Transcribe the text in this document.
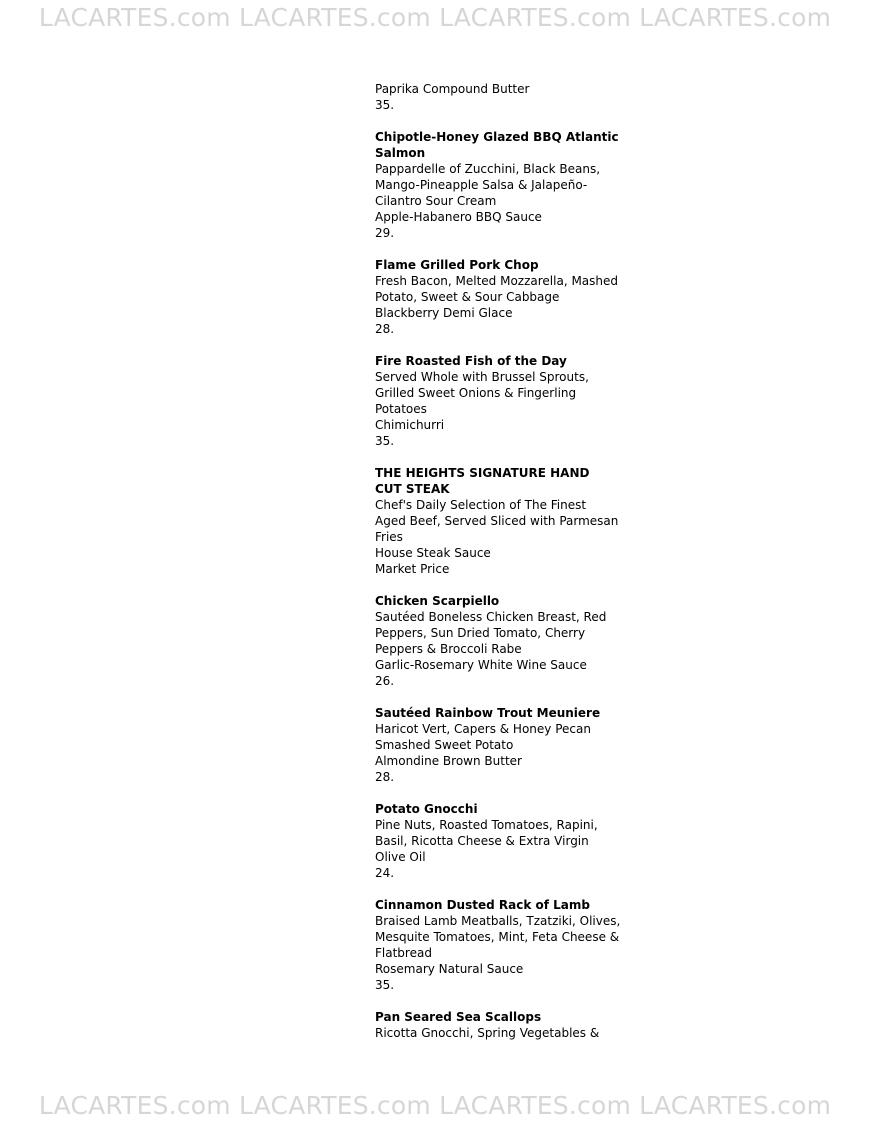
LACARTES.com LACARTES.com LACARTES.com LACARTES.com
Paprika Compound Butter
35.
Chipotle-Honey Glazed BBQ Atlantic
Salmon
Pappardelle of Zucchini, Black Beans,
Mango-Pineapple Salsa & Jalapeño-
Cilantro Sour Cream
Apple-Habanero BBQ Sauce
29.
Flame Grilled Pork Chop
Fresh Bacon, Melted Mozzarella, Mashed
Potato, Sweet & Sour Cabbage
Blackberry Demi Glace
28.
Fire Roasted Fish of the Day
Served Whole with Brussel Sprouts,
Grilled Sweet Onions & Fingerling
Potatoes
Chimichurri
35.
THE HEIGHTS SIGNATURE HAND
CUT STEAK
Chef's Daily Selection of The Finest
Aged Beef, Served Sliced with Parmesan
Fries
House Steak Sauce
Market Price
Chicken Scarpiello
Sautéed Boneless Chicken Breast, Red
Peppers, Sun Dried Tomato, Cherry
Peppers & Broccoli Rabe
Garlic-Rosemary White Wine Sauce
26.
Sautéed Rainbow Trout Meuniere
Haricot Vert, Capers & Honey Pecan
Smashed Sweet Potato
Almondine Brown Butter
28.
Potato Gnocchi
Pine Nuts, Roasted Tomatoes, Rapini,
Basil, Ricotta Cheese & Extra Virgin
Olive Oil
24.
Cinnamon Dusted Rack of Lamb
Braised Lamb Meatballs, Tzatziki, Olives,
Mesquite Tomatoes, Mint, Feta Cheese &
Flatbread
Rosemary Natural Sauce
35.
Pan Seared Sea Scallops
Ricotta Gnocchi, Spring Vegetables &
LACARTES.com LACARTES.com LACARTES.com LACARTES.com
